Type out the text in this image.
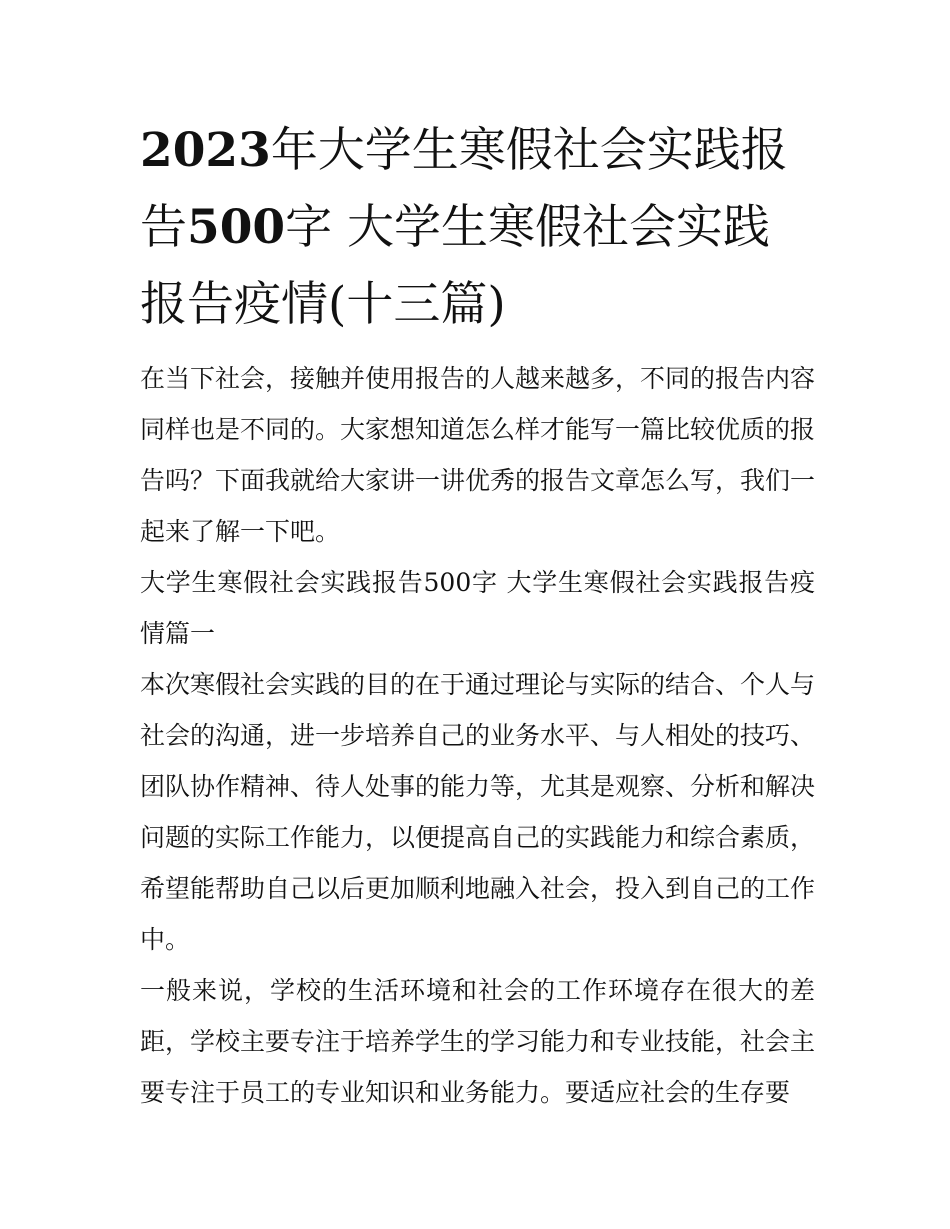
2023年大学生寒假社会实践报告500字 大学生寒假社会实践报告疫情(十三篇)

在当下社会，接触并使用报告的人越来越多，不同的报告内容同样也是不同的。大家想知道怎么样才能写一篇比较优质的报告吗？下面我就给大家讲一讲优秀的报告文章怎么写，我们一起来了解一下吧。

大学生寒假社会实践报告500字 大学生寒假社会实践报告疫情篇一

本次寒假社会实践的目的在于通过理论与实际的结合、个人与社会的沟通，进一步培养自己的业务水平、与人相处的技巧、团队协作精神、待人处事的能力等，尤其是观察、分析和解决问题的实际工作能力，以便提高自己的实践能力和综合素质，希望能帮助自己以后更加顺利地融入社会，投入到自己的工作中。

一般来说，学校的生活环境和社会的工作环境存在很大的差距，学校主要专注于培养学生的学习能力和专业技能，社会主要专注于员工的专业知识和业务能力。要适应社会的生存要
